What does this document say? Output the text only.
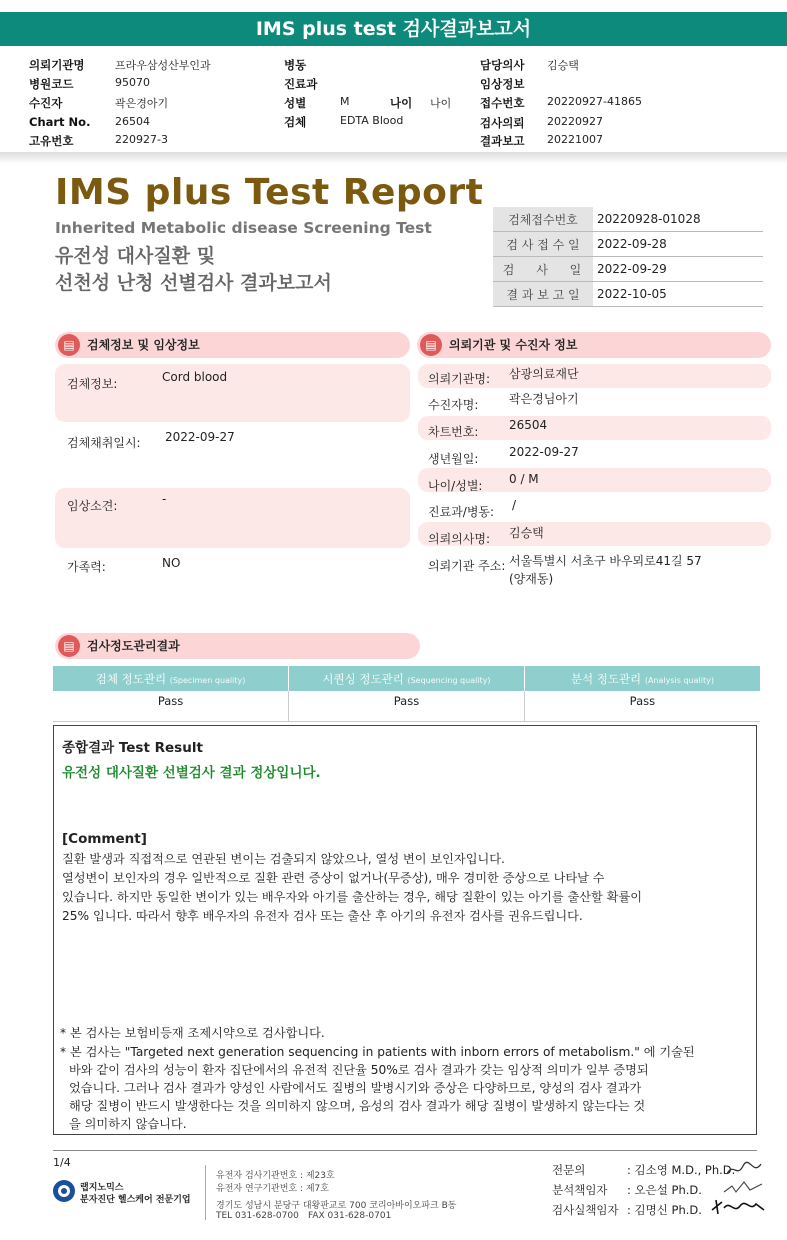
IMS plus test 검사결과보고서
의뢰기관명	프라우삼성산부인과
병원코드	95070
수진자	곽은경아기
Chart No. 26504
고유번호	220927-3
병동
진료과
성별	M	나이 나이
검체	EDTA Blood
담당의사 김승택
임상정보
접수번호 20220927-41865
검사의뢰 20220927
결과보고 20221007
IMS plus Test Report
Inherited Metabolic disease Screening Test
유전성 대사질환 및
선천성 난청 선별검사 결과보고서
검체접수번호	20220928-01028
검 사 접 수 일	2022-09-28
검 사 일	2022-09-29
결 과 보 고 일	2022-10-05
▤	검체정보 및 임상정보
검체정보:	Cord blood
검체채취일시: 2022-09-27
임상소견:	-
가족력:	NO
▤	의뢰기관 및 수진자 정보
의뢰기관명: 삼광의료재단
수진자명:	곽은경님아기
차트번호:	26504
생년월일:	2022-09-27
나이/성별: 0 / M
진료과/병동: /
의뢰의사명: 김승택
의뢰기관 주소: 서울특별시 서초구 바우뫼로41길 57
(양재동)
▤	검사정도관리결과
검체 정도관리 (Specimen quality)	시퀀싱 정도관리 (Sequencing quality)	분석 정도관리 (Analysis quality)
Pass	Pass	Pass
종합결과 Test Result
유전성 대사질환 선별검사 결과 정상입니다.
[Comment]
질환 발생과 직접적으로 연관된 변이는 검출되지 않았으나, 열성 변이 보인자입니다.
열성변이 보인자의 경우 일반적으로 질환 관련 증상이 없거나(무증상), 매우 경미한 증상으로 나타날 수
있습니다. 하지만 동일한 변이가 있는 배우자와 아기를 출산하는 경우, 해당 질환이 있는 아기를 출산할 확률이
25% 입니다. 따라서 향후 배우자의 유전자 검사 또는 출산 후 아기의 유전자 검사를 권유드립니다.
* 본 검사는 보험비등재 조제시약으로 검사합니다.
* 본 검사는 "Targeted next generation sequencing in patients with inborn errors of metabolism." 에 기술된
바와 같이 검사의 성능이 환자 집단에서의 유전적 진단율 50%로 검사 결과가 갖는 임상적 의미가 일부 증명되
었습니다. 그러나 검사 결과가 양성인 사람에서도 질병의 발병시기와 증상은 다양하므로, 양성의 검사 결과가
해당 질병이 반드시 발생한다는 것을 의미하지 않으며, 음성의 검사 결과가 해당 질병이 발생하지 않는다는 것
을 의미하지 않습니다.
1/4
랩지노믹스
분자진단 헬스케어 전문기업
유전자 검사기관번호 : 제23호
유전자 연구기관번호 : 제7호
경기도 성남시 분당구 대왕판교로 700 코리아바이오파크 B동
TEL 031-628-0700 FAX 031-628-0701
전문의	: 김소영 M.D., Ph.D.
분석책임자 : 오은설 Ph.D.
검사실책임자 : 김명신 Ph.D.
